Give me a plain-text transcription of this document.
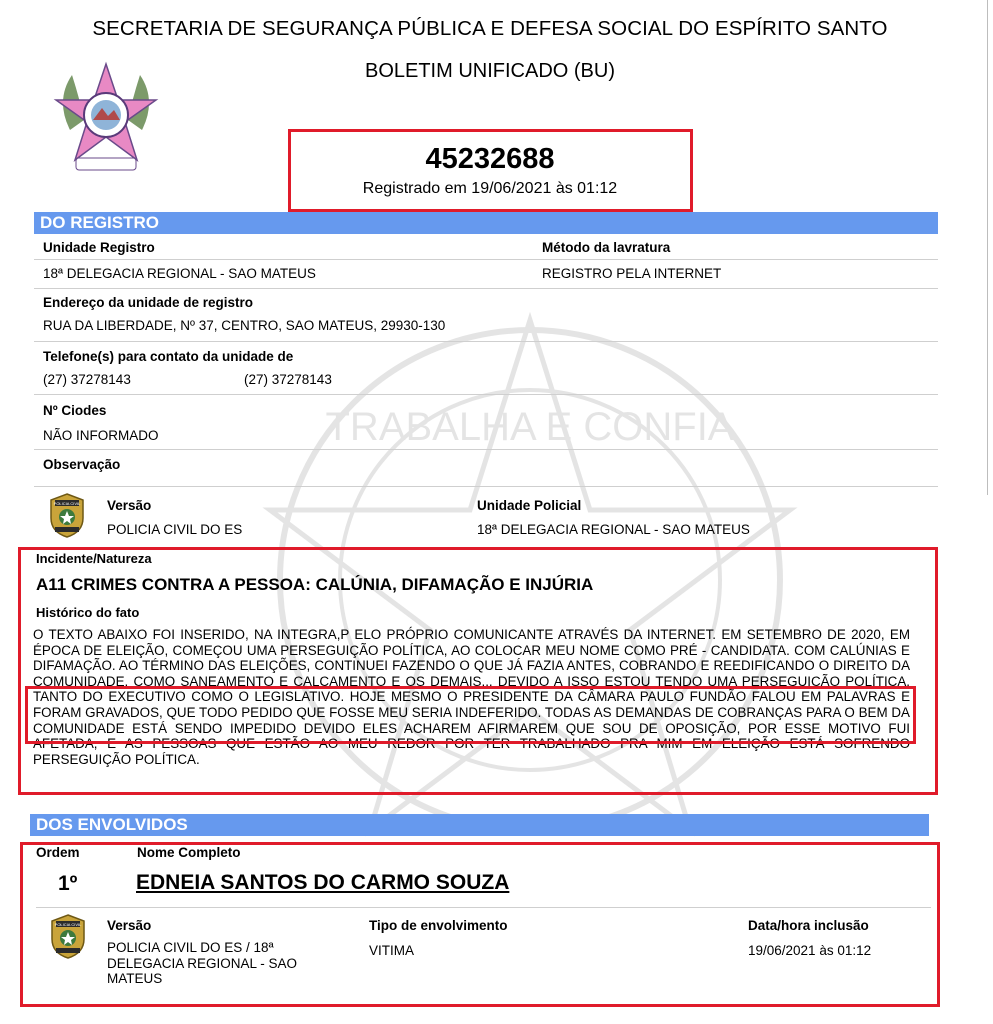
TRABALHA E CONFIA
SECRETARIA DE SEGURANÇA PÚBLICA E DEFESA SOCIAL DO ESPÍRITO SANTO
BOLETIM UNIFICADO (BU)
45232688
Registrado em 19/06/2021 às 01:12
DO REGISTRO
Unidade Registro	Método da lavratura
18ª DELEGACIA REGIONAL - SAO MATEUS	REGISTRO PELA INTERNET
Endereço da unidade de registro
RUA DA LIBERDADE, Nº 37, CENTRO, SAO MATEUS, 29930-130
Telefone(s) para contato da unidade de
(27) 37278143	(27) 37278143
Nº Ciodes
NÃO INFORMADO
Observação
POLICIA CIVIL Versão
POLICIA CIVIL DO ES
Unidade Policial
18ª DELEGACIA REGIONAL - SAO MATEUS
Incidente/Natureza
A11 CRIMES CONTRA A PESSOA: CALÚNIA, DIFAMAÇÃO E INJÚRIA
Histórico do fato
O TEXTO ABAIXO FOI INSERIDO, NA INTEGRA,P ELO PRÓPRIO COMUNICANTE ATRAVÉS DA INTERNET. EM SETEMBRO DE 2020, EM ÉPOCA DE ELEIÇÃO, COMEÇOU UMA PERSEGUIÇÃO POLÍTICA, AO COLOCAR MEU NOME COMO PRÉ - CANDIDATA. COM CALÚNIAS E DIFAMAÇÃO. AO TÉRMINO DAS ELEIÇÕES, CONTINUEI FAZENDO O QUE JÁ FAZIA ANTES, COBRANDO E REEDIFICANDO O DIREITO DA COMUNIDADE, COMO SANEAMENTO E CALÇAMENTO E OS DEMAIS... DEVIDO A ISSO ESTOU TENDO UMA PERSEGUIÇÃO POLÍTICA. TANTO DO EXECUTIVO COMO O LEGISLATIVO. HOJE MESMO O PRESIDENTE DA CÂMARA PAULO FUNDÃO FALOU EM PALAVRAS E FORAM GRAVADOS, QUE TODO PEDIDO QUE FOSSE MEU SERIA INDEFERIDO. TODAS AS DEMANDAS DE COBRANÇAS PARA O BEM DA COMUNIDADE ESTÁ SENDO IMPEDIDO DEVIDO ELES ACHAREM AFIRMAREM QUE SOU DE OPOSIÇÃO, POR ESSE MOTIVO FUI AFETADA, E AS PESSOAS QUE ESTÃO AO MEU REDOR POR TER TRABALHADO PRA MIM EM ELEIÇÃO ESTÁ SOFRENDO PERSEGUIÇÃO POLÍTICA.
DOS ENVOLVIDOS
Ordem	Nome Completo
1º	EDNEIA SANTOS DO CARMO SOUZA
POLICIA CIVIL Versão
POLICIA CIVIL DO ES / 18ª DELEGACIA REGIONAL - SAO MATEUS
Tipo de envolvimento
VITIMA
Data/hora inclusão
19/06/2021 às 01:12
